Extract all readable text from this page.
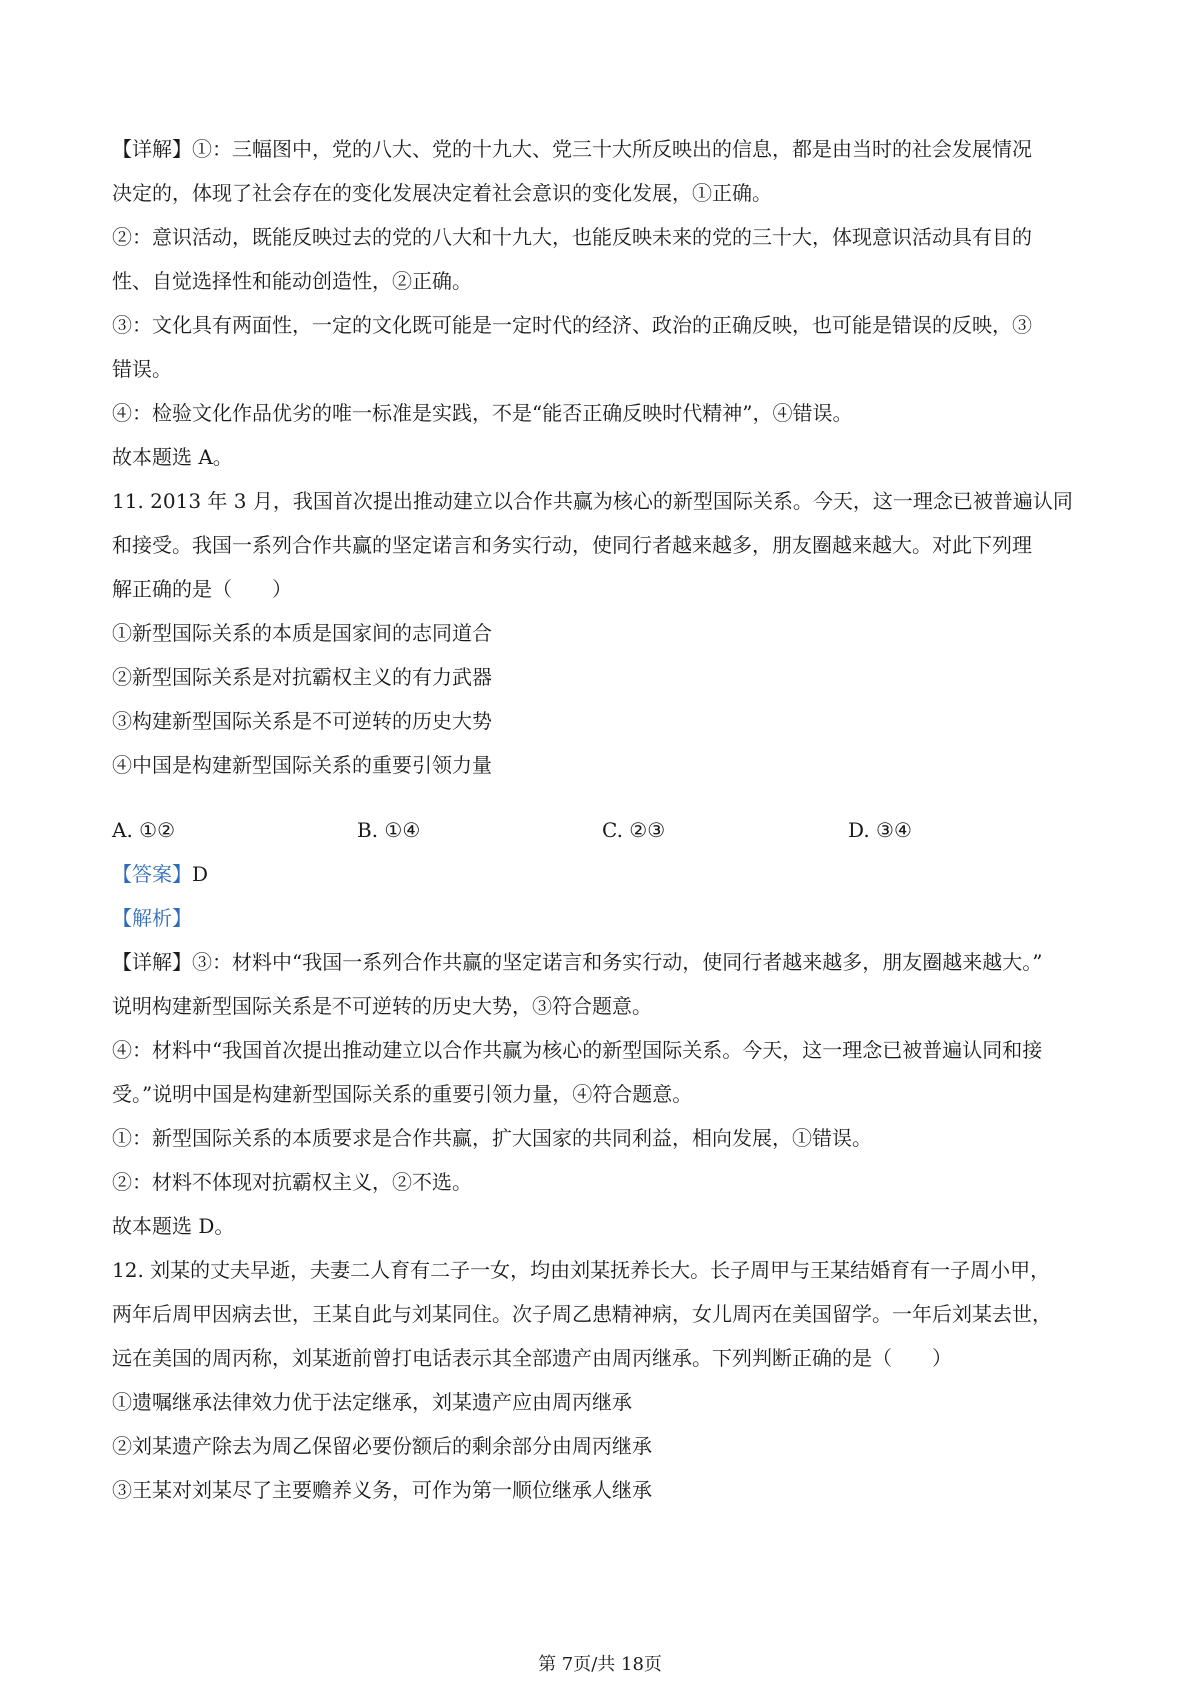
【详解】①：三幅图中，党的八大、党的十九大、党三十大所反映出的信息，都是由当时的社会发展情况
决定的，体现了社会存在的变化发展决定着社会意识的变化发展，①正确。
②：意识活动，既能反映过去的党的八大和十九大，也能反映未来的党的三十大，体现意识活动具有目的
性、自觉选择性和能动创造性，②正确。
③：文化具有两面性，一定的文化既可能是一定时代的经济、政治的正确反映，也可能是错误的反映，③
错误。
④：检验文化作品优劣的唯一标准是实践，不是“能否正确反映时代精神”，④错误。
故本题选 A。
11. 2013 年 3 月，我国首次提出推动建立以合作共赢为核心的新型国际关系。今天，这一理念已被普遍认同
和接受。我国一系列合作共赢的坚定诺言和务实行动，使同行者越来越多，朋友圈越来越大。对此下列理
解正确的是（　　）
①新型国际关系的本质是国家间的志同道合
②新型国际关系是对抗霸权主义的有力武器
③构建新型国际关系是不可逆转的历史大势
④中国是构建新型国际关系的重要引领力量
A. ①②	B. ①④	C. ②③	D. ③④
【答案】D
【解析】
【详解】③：材料中“我国一系列合作共赢的坚定诺言和务实行动，使同行者越来越多，朋友圈越来越大。”
说明构建新型国际关系是不可逆转的历史大势，③符合题意。
④：材料中“我国首次提出推动建立以合作共赢为核心的新型国际关系。今天，这一理念已被普遍认同和接
受。”说明中国是构建新型国际关系的重要引领力量，④符合题意。
①：新型国际关系的本质要求是合作共赢，扩大国家的共同利益，相向发展，①错误。
②：材料不体现对抗霸权主义，②不选。
故本题选 D。
12. 刘某的丈夫早逝，夫妻二人育有二子一女，均由刘某抚养长大。长子周甲与王某结婚育有一子周小甲，
两年后周甲因病去世，王某自此与刘某同住。次子周乙患精神病，女儿周丙在美国留学。一年后刘某去世，
远在美国的周丙称，刘某逝前曾打电话表示其全部遗产由周丙继承。下列判断正确的是（　　）
①遗嘱继承法律效力优于法定继承，刘某遗产应由周丙继承
②刘某遗产除去为周乙保留必要份额后的剩余部分由周丙继承
③王某对刘某尽了主要赡养义务，可作为第一顺位继承人继承
第 7页/共 18页
